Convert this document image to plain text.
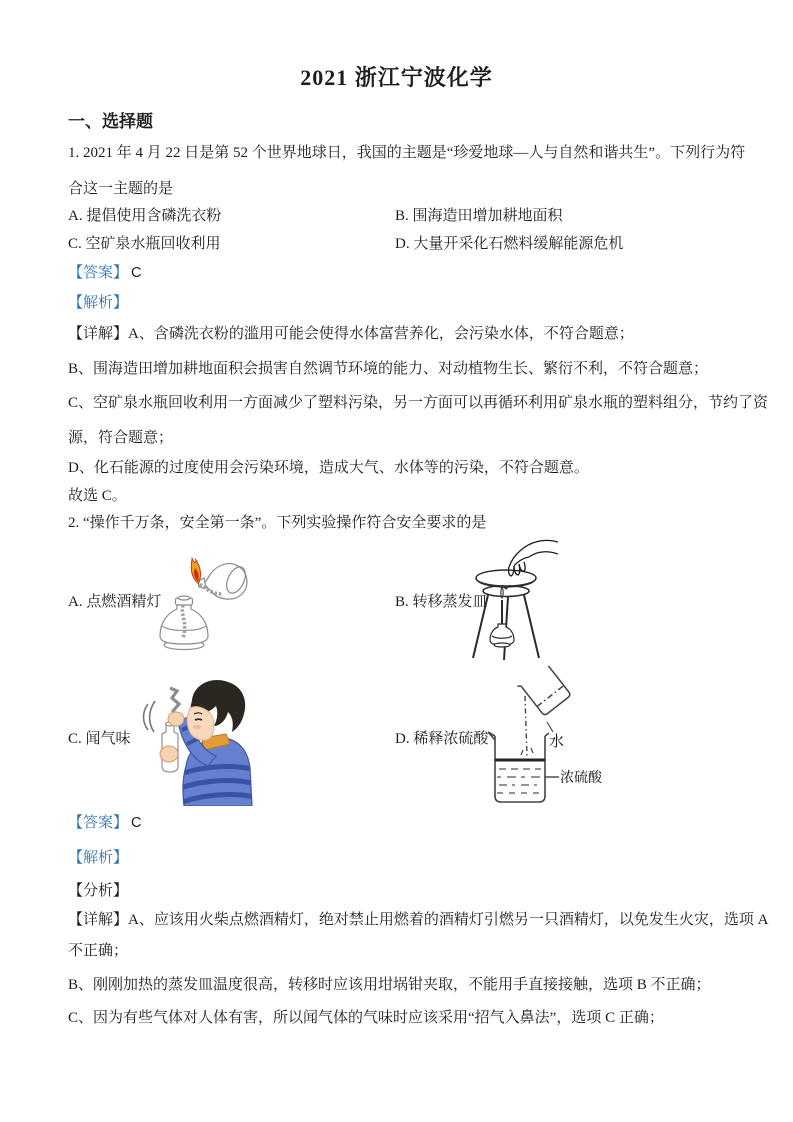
2021 浙江宁波化学
一、选择题
1. 2021 年 4 月 22 日是第 52 个世界地球日，我国的主题是“珍爱地球—人与自然和谐共生”。下列行为符
合这一主题的是
A. 提倡使用含磷洗衣粉	B. 围海造田增加耕地面积
C. 空矿泉水瓶回收利用	D. 大量开采化石燃料缓解能源危机
【答案】 C
【解析】
【详解】A、含磷洗衣粉的滥用可能会使得水体富营养化，会污染水体，不符合题意；
B、围海造田增加耕地面积会损害自然调节环境的能力、对动植物生长、繁衍不利，不符合题意；
C、空矿泉水瓶回收利用一方面减少了塑料污染，另一方面可以再循环利用矿泉水瓶的塑料组分，节约了资
源，符合题意；
D、化石能源的过度使用会污染环境，造成大气、水体等的污染，不符合题意。
故选 C。
2. “操作千万条，安全第一条”。下列实验操作符合安全要求的是
A. 点燃酒精灯	B. 转移蒸发皿
C. 闻气味	D. 稀释浓硫酸	水
浓硫酸
【答案】 C
【解析】
【分析】
【详解】A、应该用火柴点燃酒精灯，绝对禁止用燃着的酒精灯引燃另一只酒精灯，以免发生火灾，选项 A
不正确；
B、刚刚加热的蒸发皿温度很高，转移时应该用坩埚钳夹取，不能用手直接接触，选项 B 不正确；
C、因为有些气体对人体有害，所以闻气体的气味时应该采用“招气入鼻法”，选项 C 正确；
